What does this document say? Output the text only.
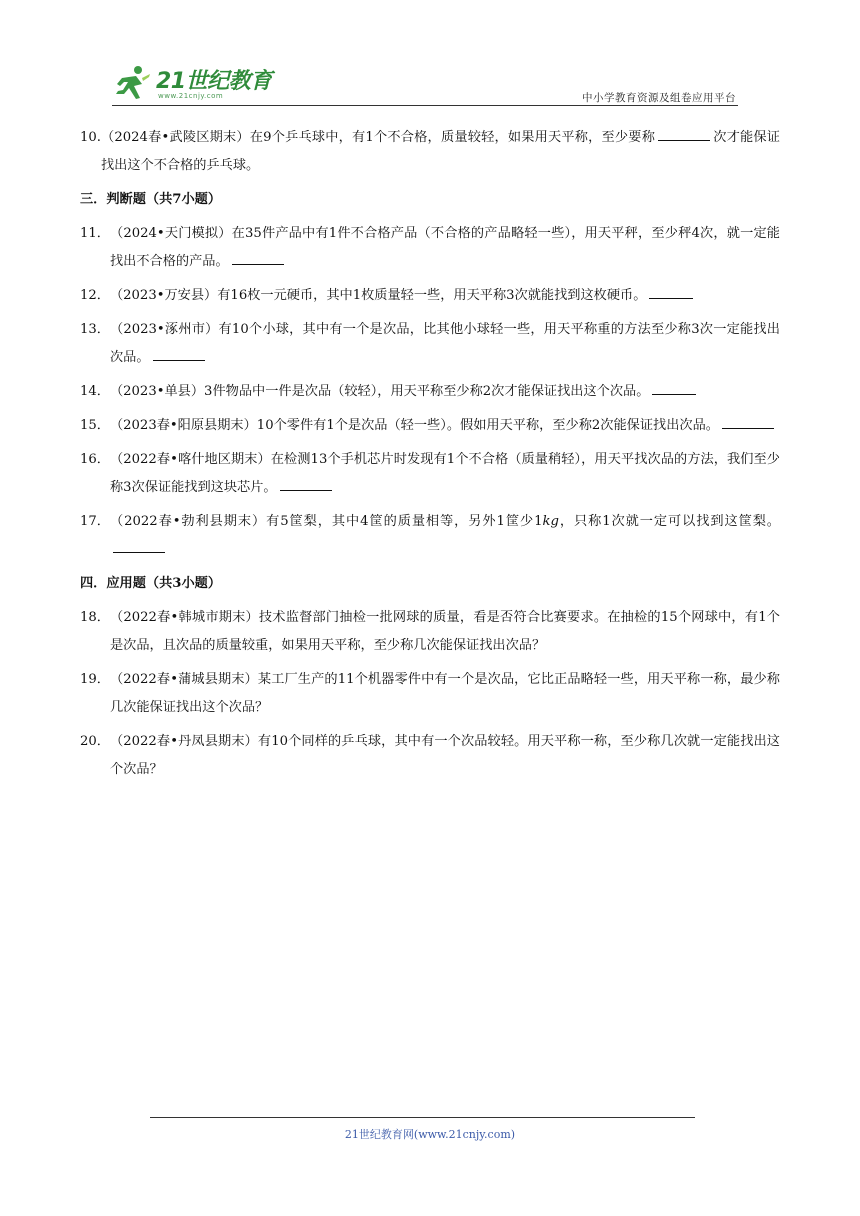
21世纪教育
www.21cnjy.com	中小学教育资源及组卷应用平台
10. （2024春•武陵区期末）在9个乒乓球中，有1个不合格，质量较轻，如果用天平称，至少要称	次才能保证找出这个不合格的乒乓球。
三．判断题（共7小题）
11． （2024•天门模拟）在35件产品中有1件不合格产品（不合格的产品略轻一些），用天平秤，至少秤4次，就一定能找出不合格的产品。
12． （2023•万安县）有16枚一元硬币，其中1枚质量轻一些，用天平称3次就能找到这枚硬币。
13． （2023•涿州市）有10个小球，其中有一个是次品，比其他小球轻一些，用天平称重的方法至少称3次一定能找出次品。
14． （2023•单县）3件物品中一件是次品（较轻），用天平称至少称2次才能保证找出这个次品。
15． （2023春•阳原县期末）10个零件有1个是次品（轻一些）。假如用天平称，至少称2次能保证找出次品。
16． （2022春•喀什地区期末）在检测13个手机芯片时发现有1个不合格（质量稍轻），用天平找次品的方法，我们至少称3次保证能找到这块芯片。
17． （2022春•勃利县期末）有5筐梨，其中4筐的质量相等，另外1筐少1kg，只称1次就一定可以找到这筐梨。
四．应用题（共3小题）
18． （2022春•韩城市期末）技术监督部门抽检一批网球的质量，看是否符合比赛要求。在抽检的15个网球中，有1个是次品，且次品的质量较重，如果用天平称，至少称几次能保证找出次品？
19． （2022春•蒲城县期末）某工厂生产的11个机器零件中有一个是次品，它比正品略轻一些，用天平称一称，最少称几次能保证找出这个次品？
20． （2022春•丹凤县期末）有10个同样的乒乓球，其中有一个次品较轻。用天平称一称，至少称几次就一定能找出这个次品？
21世纪教育网(www.21cnjy.com)
